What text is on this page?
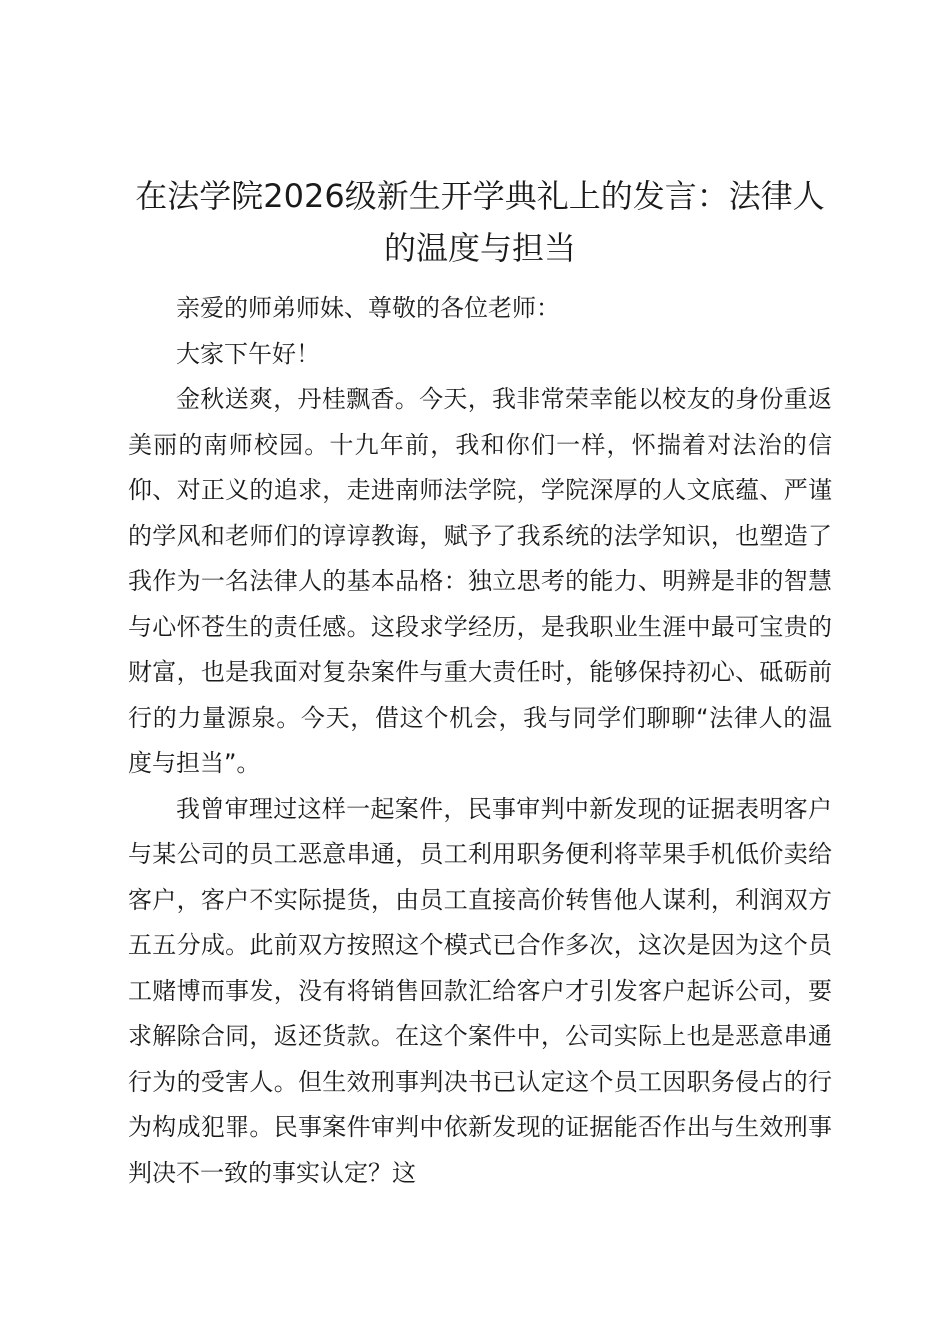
在法学院2026级新生开学典礼上的发言：法律人的温度与担当

亲爱的师弟师妹、尊敬的各位老师：

大家下午好！

金秋送爽，丹桂飘香。今天，我非常荣幸能以校友的身份重返美丽的南师校园。十九年前，我和你们一样，怀揣着对法治的信仰、对正义的追求，走进南师法学院，学院深厚的人文底蕴、严谨的学风和老师们的谆谆教诲，赋予了我系统的法学知识，也塑造了我作为一名法律人的基本品格：独立思考的能力、明辨是非的智慧与心怀苍生的责任感。这段求学经历，是我职业生涯中最可宝贵的财富，也是我面对复杂案件与重大责任时，能够保持初心、砥砺前行的力量源泉。今天，借这个机会，我与同学们聊聊“法律人的温度与担当”。

我曾审理过这样一起案件，民事审判中新发现的证据表明客户与某公司的员工恶意串通，员工利用职务便利将苹果手机低价卖给客户，客户不实际提货，由员工直接高价转售他人谋利，利润双方五五分成。此前双方按照这个模式已合作多次，这次是因为这个员工赌博而事发，没有将销售回款汇给客户才引发客户起诉公司，要求解除合同，返还货款。在这个案件中，公司实际上也是恶意串通行为的受害人。但生效刑事判决书已认定这个员工因职务侵占的行为构成犯罪。民事案件审判中依新发现的证据能否作出与生效刑事判决不一致的事实认定？这
